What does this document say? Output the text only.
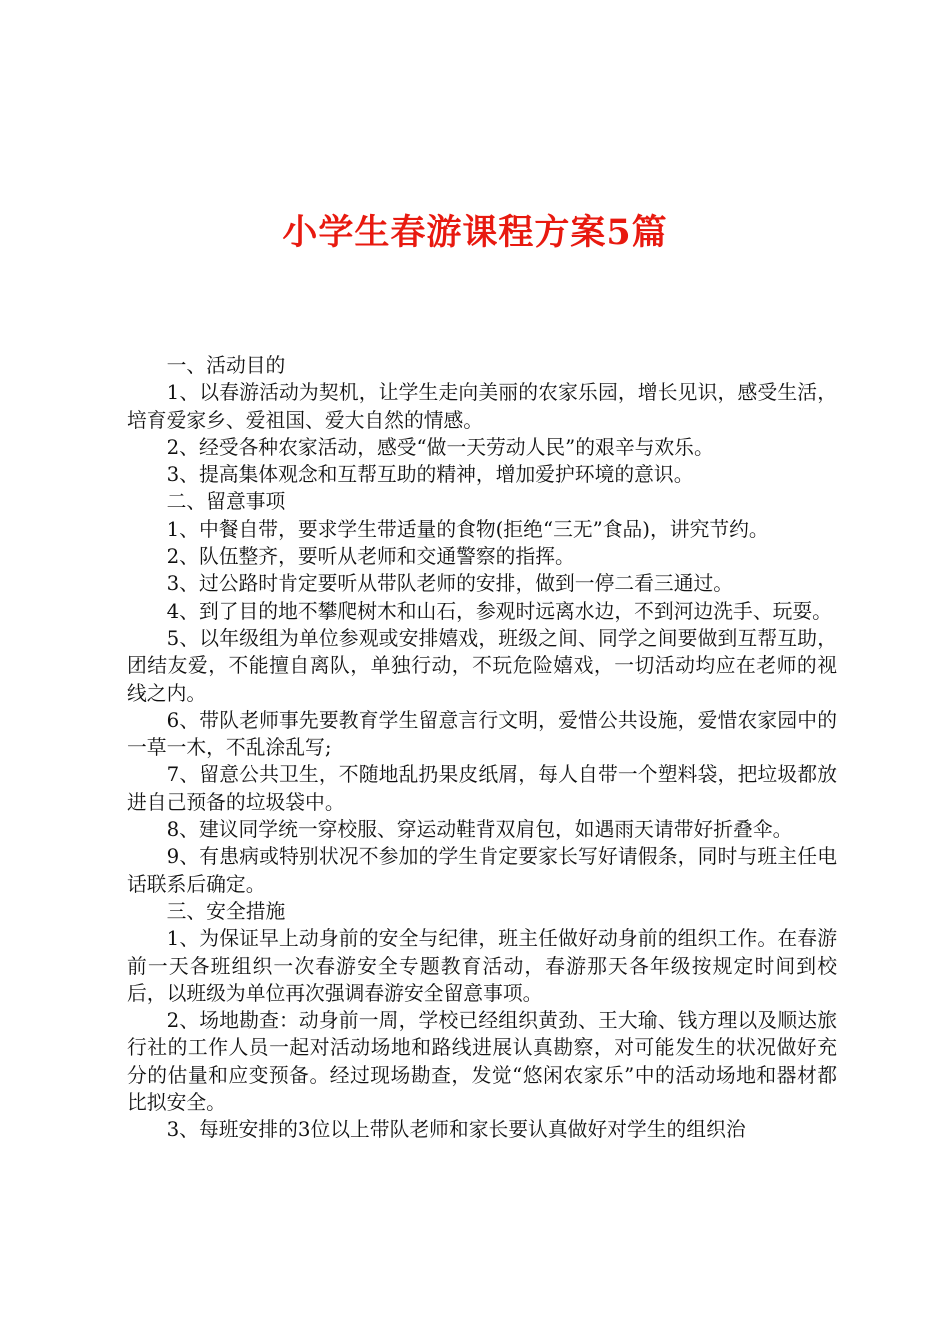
小学生春游课程方案5篇

一、活动目的

1、以春游活动为契机，让学生走向美丽的农家乐园，增长见识，感受生活，培育爱家乡、爱祖国、爱大自然的情感。

2、经受各种农家活动，感受“做一天劳动人民”的艰辛与欢乐。

3、提高集体观念和互帮互助的精神，增加爱护环境的意识。

二、留意事项

1、中餐自带，要求学生带适量的食物(拒绝“三无”食品)，讲究节约。

2、队伍整齐，要听从老师和交通警察的指挥。

3、过公路时肯定要听从带队老师的安排，做到一停二看三通过。

4、到了目的地不攀爬树木和山石，参观时远离水边，不到河边洗手、玩耍。

5、以年级组为单位参观或安排嬉戏，班级之间、同学之间要做到互帮互助，团结友爱，不能擅自离队，单独行动，不玩危险嬉戏，一切活动均应在老师的视线之内。

6、带队老师事先要教育学生留意言行文明，爱惜公共设施，爱惜农家园中的一草一木，不乱涂乱写;

7、留意公共卫生，不随地乱扔果皮纸屑，每人自带一个塑料袋，把垃圾都放进自己预备的垃圾袋中。

8、建议同学统一穿校服、穿运动鞋背双肩包，如遇雨天请带好折叠伞。

9、有患病或特别状况不参加的学生肯定要家长写好请假条，同时与班主任电话联系后确定。

三、安全措施

1、为保证早上动身前的安全与纪律，班主任做好动身前的组织工作。在春游前一天各班组织一次春游安全专题教育活动，春游那天各年级按规定时间到校后，以班级为单位再次强调春游安全留意事项。

2、场地勘查：动身前一周，学校已经组织黄劲、王大瑜、钱方理以及顺达旅行社的工作人员一起对活动场地和路线进展认真勘察，对可能发生的状况做好充分的估量和应变预备。经过现场勘查，发觉“悠闲农家乐”中的活动场地和器材都比拟安全。

3、每班安排的3位以上带队老师和家长要认真做好对学生的组织治
